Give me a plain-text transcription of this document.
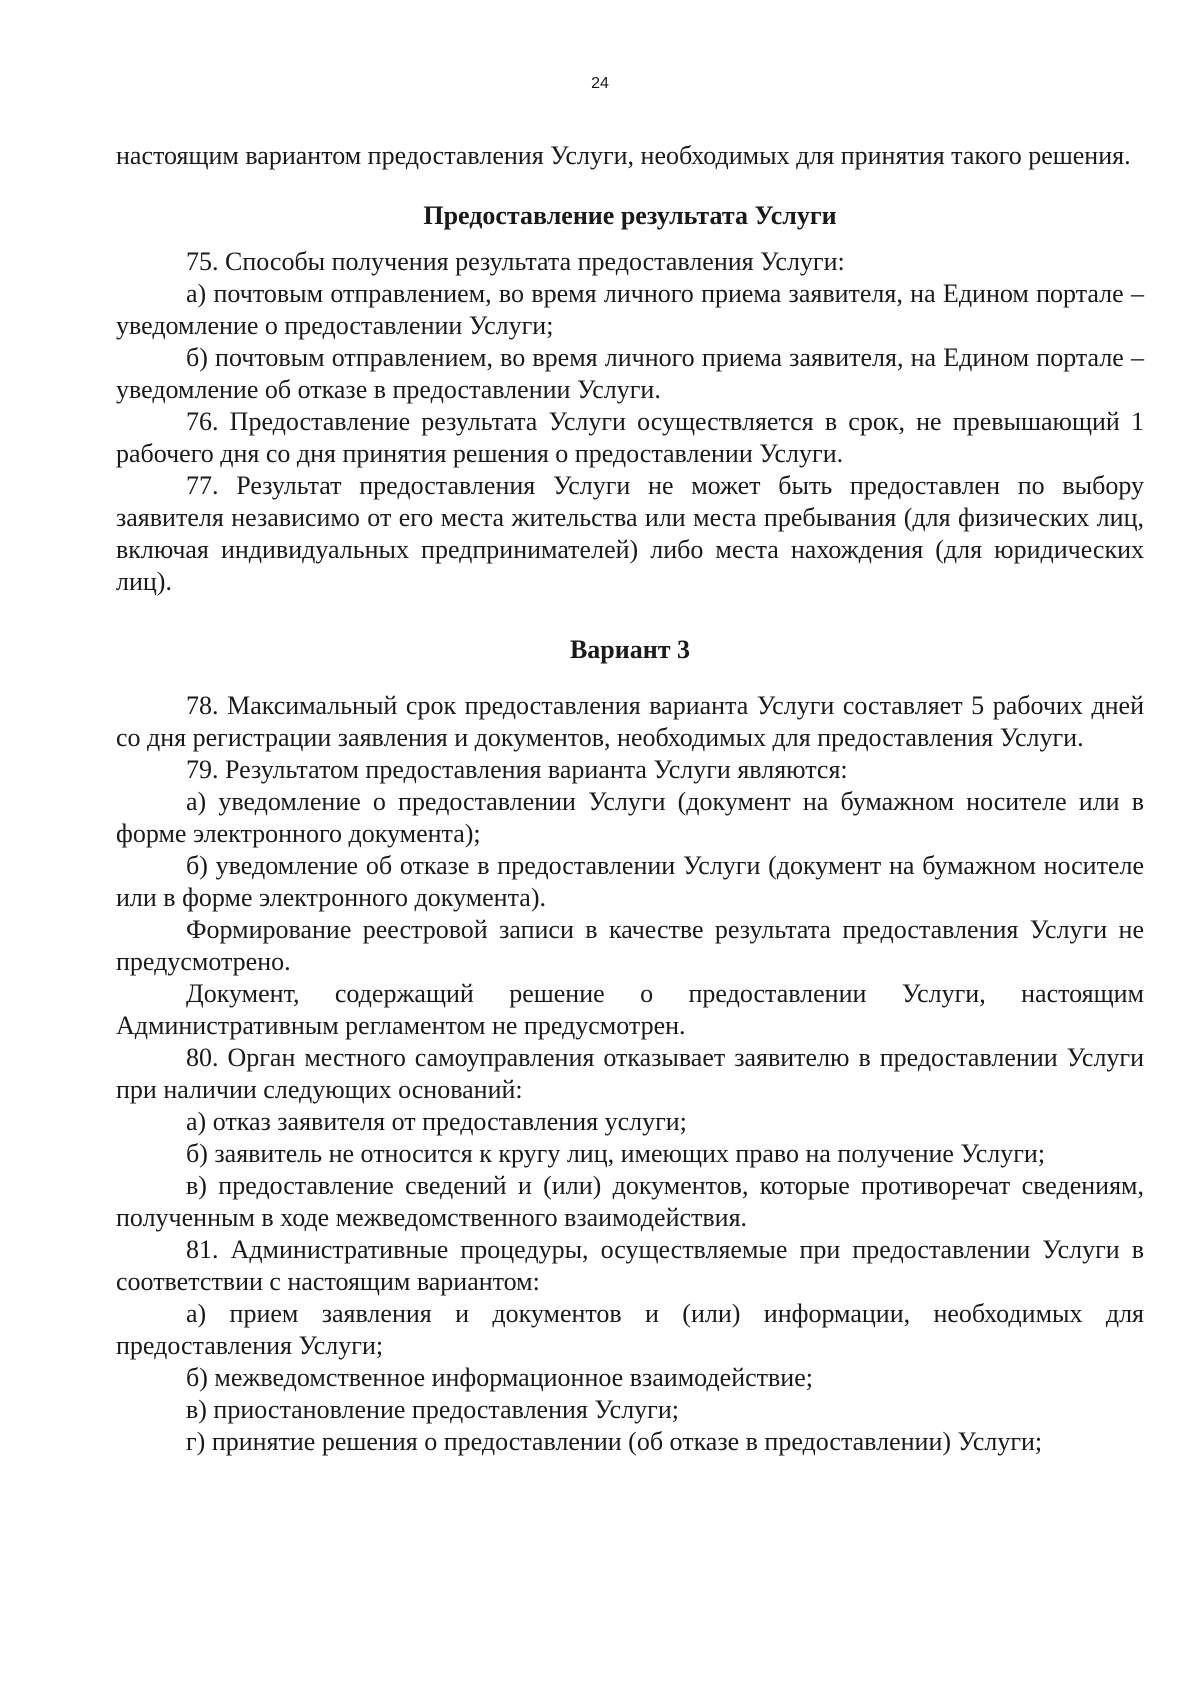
24

настоящим вариантом предоставления Услуги, необходимых для принятия такого решения.

Предоставление результата Услуги

75. Способы получения результата предоставления Услуги:

а) почтовым отправлением, во время личного приема заявителя, на Едином портале – уведомление о предоставлении Услуги;

б) почтовым отправлением, во время личного приема заявителя, на Едином портале – уведомление об отказе в предоставлении Услуги.

76. Предоставление результата Услуги осуществляется в срок, не превышающий 1 рабочего дня со дня принятия решения о предоставлении Услуги.

77. Результат предоставления Услуги не может быть предоставлен по выбору заявителя независимо от его места жительства или места пребывания (для физических лиц, включая индивидуальных предпринимателей) либо места нахождения (для юридических лиц).

Вариант 3

78. Максимальный срок предоставления варианта Услуги составляет 5 рабочих дней со дня регистрации заявления и документов, необходимых для предоставления Услуги.

79. Результатом предоставления варианта Услуги являются:

а) уведомление о предоставлении Услуги (документ на бумажном носителе или в форме электронного документа);

б) уведомление об отказе в предоставлении Услуги (документ на бумажном носителе или в форме электронного документа).

Формирование реестровой записи в качестве результата предоставления Услуги не предусмотрено.

Документ, содержащий решение о предоставлении Услуги, настоящим Административным регламентом не предусмотрен.

80. Орган местного самоуправления отказывает заявителю в предоставлении Услуги при наличии следующих оснований:

а) отказ заявителя от предоставления услуги;

б) заявитель не относится к кругу лиц, имеющих право на получение Услуги;

в) предоставление сведений и (или) документов, которые противоречат сведениям, полученным в ходе межведомственного взаимодействия.

81. Административные процедуры, осуществляемые при предоставлении Услуги в соответствии с настоящим вариантом:

а) прием заявления и документов и (или) информации, необходимых для предоставления Услуги;

б) межведомственное информационное взаимодействие;

в) приостановление предоставления Услуги;

г) принятие решения о предоставлении (об отказе в предоставлении) Услуги;
